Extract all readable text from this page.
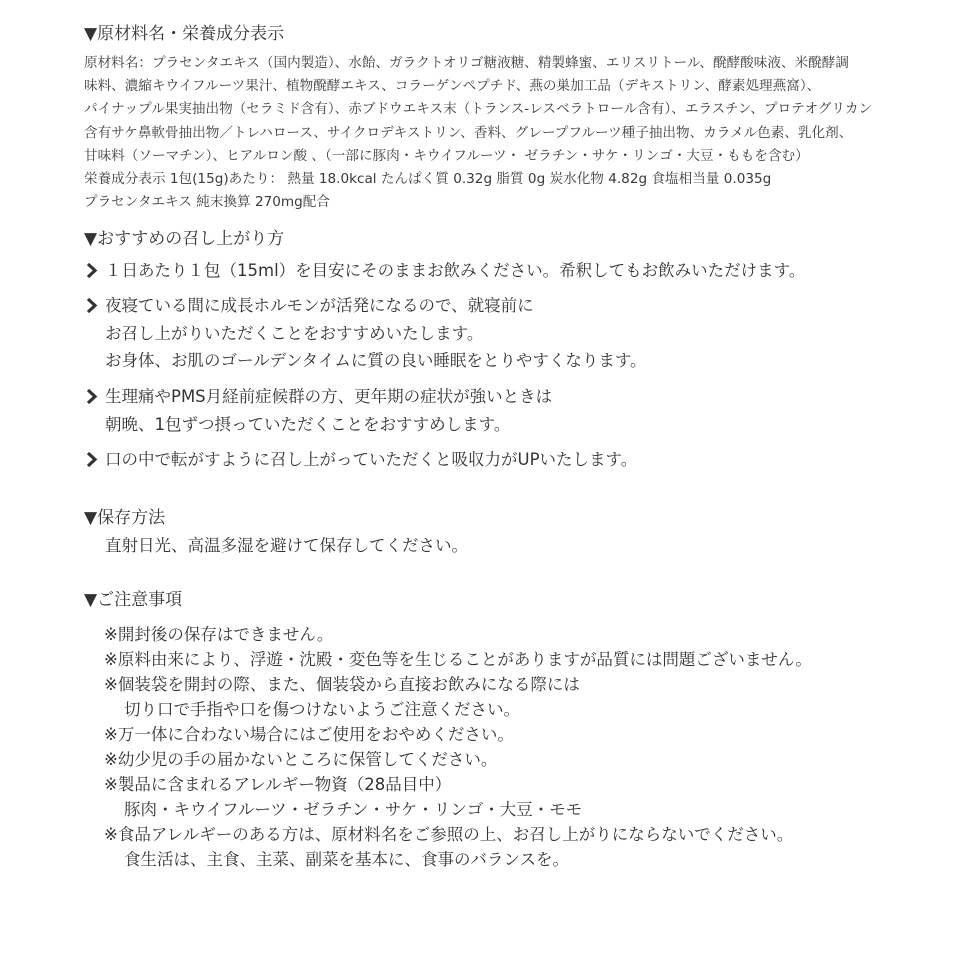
▼原材料名・栄養成分表示
原材料名：プラセンタエキス（国内製造）、水飴、ガラクトオリゴ糖液糖、精製蜂蜜、エリスリトール、醗酵酸味液、米醗酵調
味料、濃縮キウイフルーツ果汁、植物醗酵エキス、コラーゲンペプチド、燕の巣加工品（デキストリン、酵素処理燕窩）、
パイナップル果実抽出物（セラミド含有）、赤ブドウエキス末（トランス-レスベラトロール含有）、エラスチン、プロテオグリカン
含有サケ鼻軟骨抽出物／トレハロース、サイクロデキストリン、香料、グレープフルーツ種子抽出物、カラメル色素、乳化剤、
甘味料（ソーマチン）、ヒアルロン酸 、（一部に豚肉・キウイフルーツ・ ゼラチン・サケ・リンゴ・大豆・ももを含む）
栄養成分表示 1包(15g)あたり： 熱量 18.0kcal たんぱく質 0.32g 脂質 0g 炭水化物 4.82g 食塩相当量 0.035g
プラセンタエキス 純末換算 270mg配合
▼おすすめの召し上がり方
１日あたり１包（15ml）を目安にそのままお飲みください。希釈してもお飲みいただけます。
夜寝ている間に成長ホルモンが活発になるので、就寝前に
お召し上がりいただくことをおすすめいたします。
お身体、お肌のゴールデンタイムに質の良い睡眠をとりやすくなります。
生理痛やPMS月経前症候群の方、更年期の症状が強いときは
朝晩、1包ずつ摂っていただくことをおすすめします。
口の中で転がすように召し上がっていただくと吸収力がUPいたします。
▼保存方法
直射日光、高温多湿を避けて保存してください。
▼ご注意事項
※開封後の保存はできません。
※原料由来により、浮遊・沈殿・変色等を生じることがありますが品質には問題ございません。
※個装袋を開封の際、また、個装袋から直接お飲みになる際には
切り口で手指や口を傷つけないようご注意ください。
※万一体に合わない場合にはご使用をおやめください。
※幼少児の手の届かないところに保管してください。
※製品に含まれるアレルギー物資（28品目中）
豚肉・キウイフルーツ・ゼラチン・サケ・リンゴ・大豆・モモ
※食品アレルギーのある方は、原材料名をご参照の上、お召し上がりにならないでください。
食生活は、主食、主菜、副菜を基本に、食事のバランスを。
